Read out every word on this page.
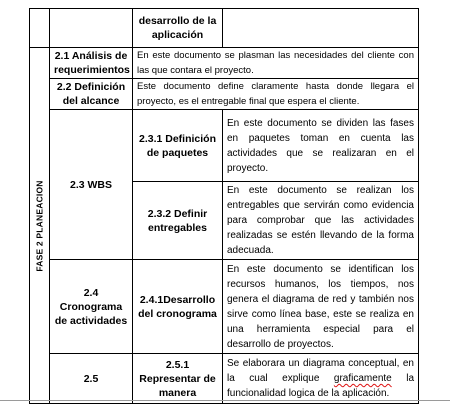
		desarrollo de la aplicación	

FASE 2 PLANEACION	2.1 Análisis de requerimientos	En este documento se plasman las necesidades del cliente con las que contara el proyecto.	
	2.2 Definición del alcance	Este documento define claramente hasta donde llegara el proyecto, es el entregable final que espera el cliente.	
	2.3 WBS	2.3.1 Definición de paquetes	En este documento se dividen las fases en paquetes toman en cuenta las actividades que se realizaran en el proyecto.
		2.3.2 Definir entregables	En este documento se realizan los entregables que servirán como evidencia para comprobar que las actividades realizadas se estén llevando de la forma adecuada.
	2.4 Cronograma de actividades	2.4.1Desarrollo del cronograma	En este documento se identifican los recursos humanos, los tiempos, nos genera el diagrama de red y también nos sirve como línea base, este se realiza en una herramienta especial para el desarrollo de proyectos.
	2.5	2.5.1 Representar de manera	Se elaborara un diagrama conceptual, en la cual explique graficamente la funcionalidad logica de la aplicación.
